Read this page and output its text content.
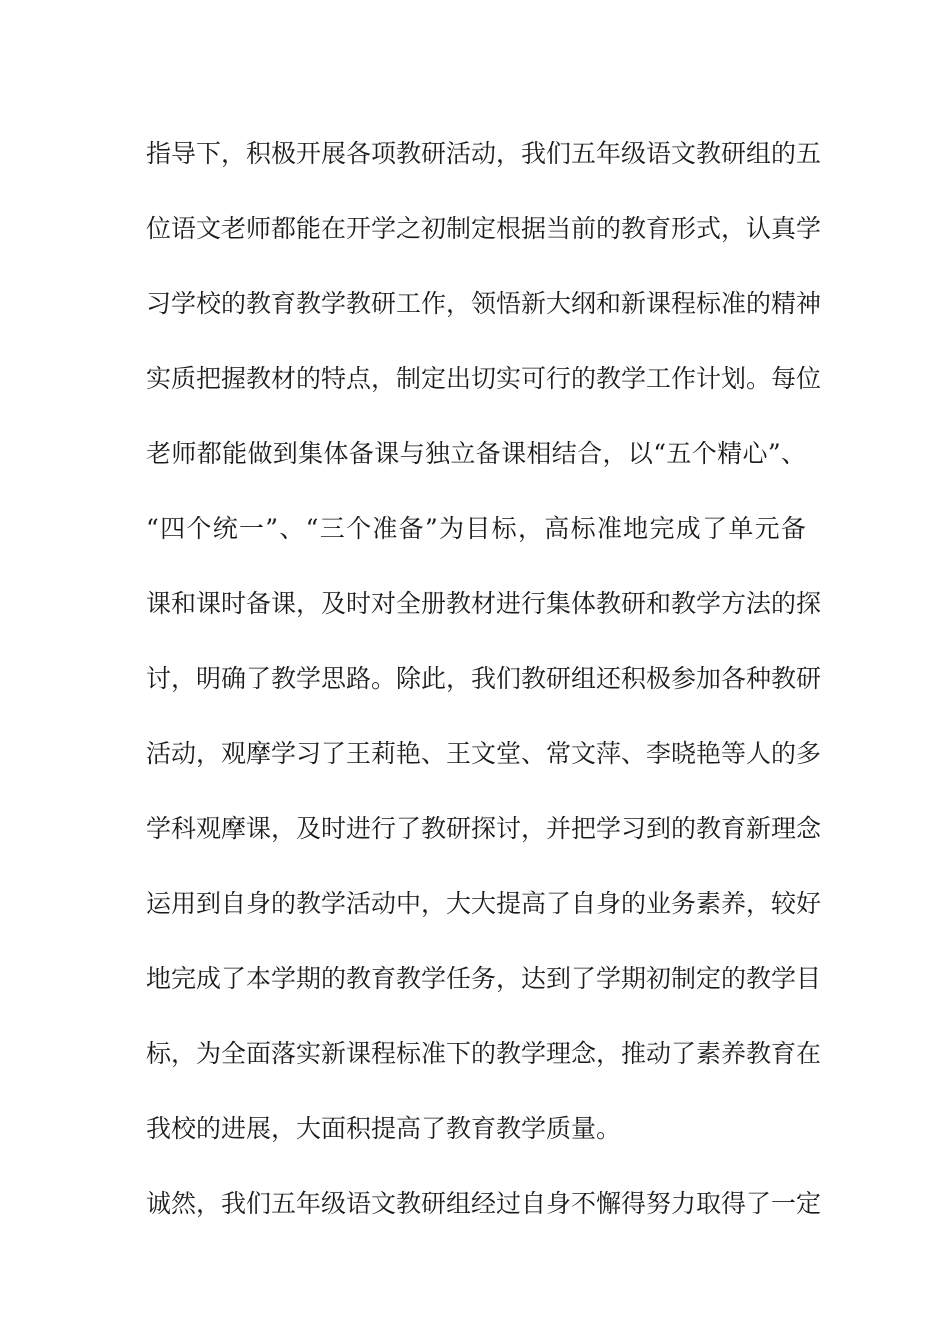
指导下，积极开展各项教研活动，我们五年级语文教研组的五
位语文老师都能在开学之初制定根据当前的教育形式，认真学
习学校的教育教学教研工作，领悟新大纲和新课程标准的精神
实质把握教材的特点，制定出切实可行的教学工作计划。每位
老师都能做到集体备课与独立备课相结合，以“五个精心”、
“四个统一”、“三个准备”为目标，高标准地完成了单元备
课和课时备课，及时对全册教材进行集体教研和教学方法的探
讨，明确了教学思路。除此，我们教研组还积极参加各种教研
活动，观摩学习了王莉艳、王文堂、常文萍、李晓艳等人的多
学科观摩课，及时进行了教研探讨，并把学习到的教育新理念
运用到自身的教学活动中，大大提高了自身的业务素养，较好
地完成了本学期的教育教学任务，达到了学期初制定的教学目
标，为全面落实新课程标准下的教学理念，推动了素养教育在
我校的进展，大面积提高了教育教学质量。
诚然，我们五年级语文教研组经过自身不懈得努力取得了一定
